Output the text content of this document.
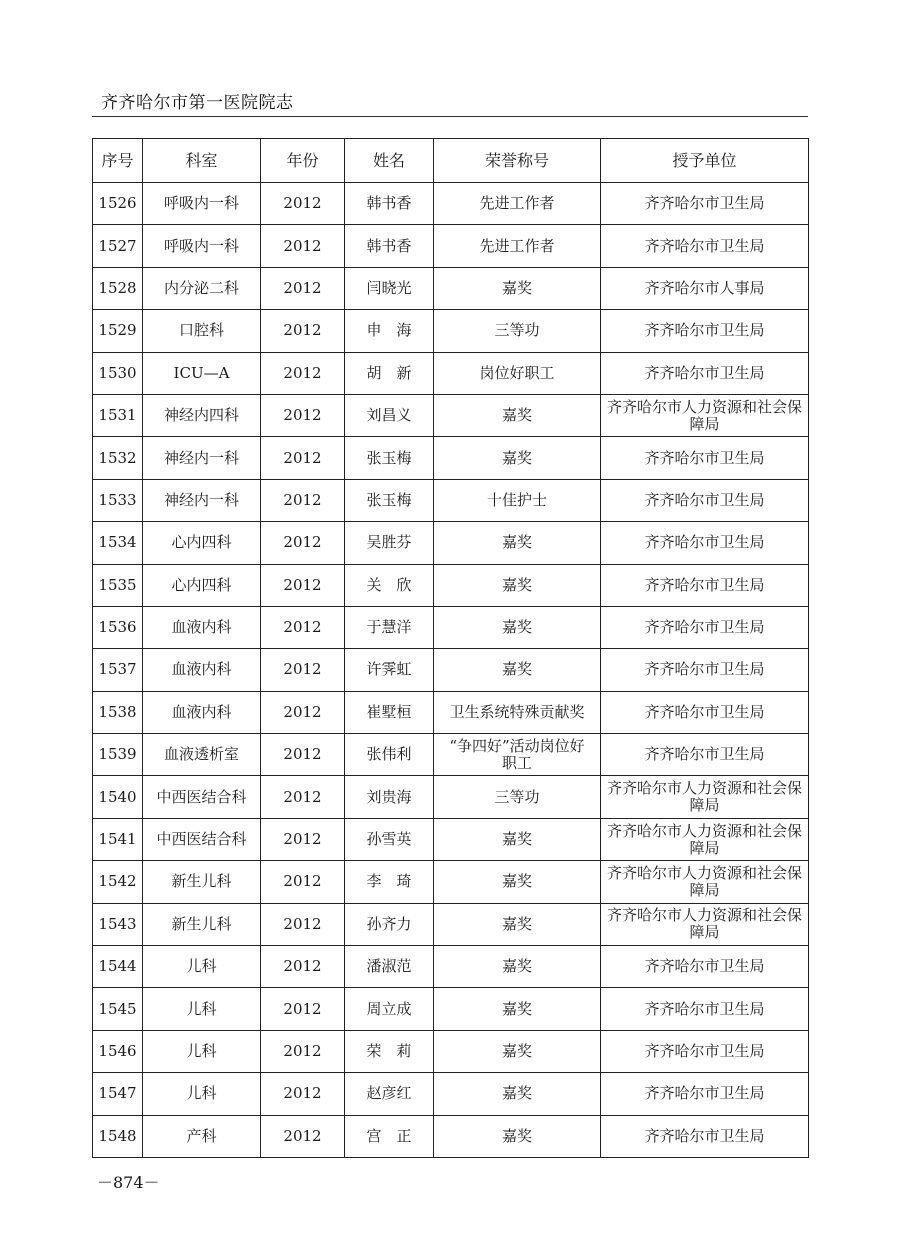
齐齐哈尔市第一医院院志
序号	科室	年份	姓名	荣誉称号	授予单位
1526	呼吸内一科	2012	韩书香	先进工作者	齐齐哈尔市卫生局
1527	呼吸内一科	2012	韩书香	先进工作者	齐齐哈尔市卫生局
1528	内分泌二科	2012	闫晓光	嘉奖	齐齐哈尔市人事局
1529	口腔科	2012	申　海	三等功	齐齐哈尔市卫生局
1530	ICU—A	2012	胡　新	岗位好职工	齐齐哈尔市卫生局
1531	神经内四科	2012	刘昌义	嘉奖	齐齐哈尔市人力资源和社会保障局
1532	神经内一科	2012	张玉梅	嘉奖	齐齐哈尔市卫生局
1533	神经内一科	2012	张玉梅	十佳护士	齐齐哈尔市卫生局
1534	心内四科	2012	吴胜芬	嘉奖	齐齐哈尔市卫生局
1535	心内四科	2012	关　欣	嘉奖	齐齐哈尔市卫生局
1536	血液内科	2012	于慧洋	嘉奖	齐齐哈尔市卫生局
1537	血液内科	2012	许霁虹	嘉奖	齐齐哈尔市卫生局
1538	血液内科	2012	崔墅桓	卫生系统特殊贡献奖	齐齐哈尔市卫生局
1539	血液透析室	2012	张伟利	“争四好”活动岗位好职工	齐齐哈尔市卫生局
1540	中西医结合科	2012	刘贵海	三等功	齐齐哈尔市人力资源和社会保障局
1541	中西医结合科	2012	孙雪英	嘉奖	齐齐哈尔市人力资源和社会保障局
1542	新生儿科	2012	李　琦	嘉奖	齐齐哈尔市人力资源和社会保障局
1543	新生儿科	2012	孙齐力	嘉奖	齐齐哈尔市人力资源和社会保障局
1544	儿科	2012	潘淑范	嘉奖	齐齐哈尔市卫生局
1545	儿科	2012	周立成	嘉奖	齐齐哈尔市卫生局
1546	儿科	2012	荣　莉	嘉奖	齐齐哈尔市卫生局
1547	儿科	2012	赵彦红	嘉奖	齐齐哈尔市卫生局
1548	产科	2012	宫　正	嘉奖	齐齐哈尔市卫生局
－874－
